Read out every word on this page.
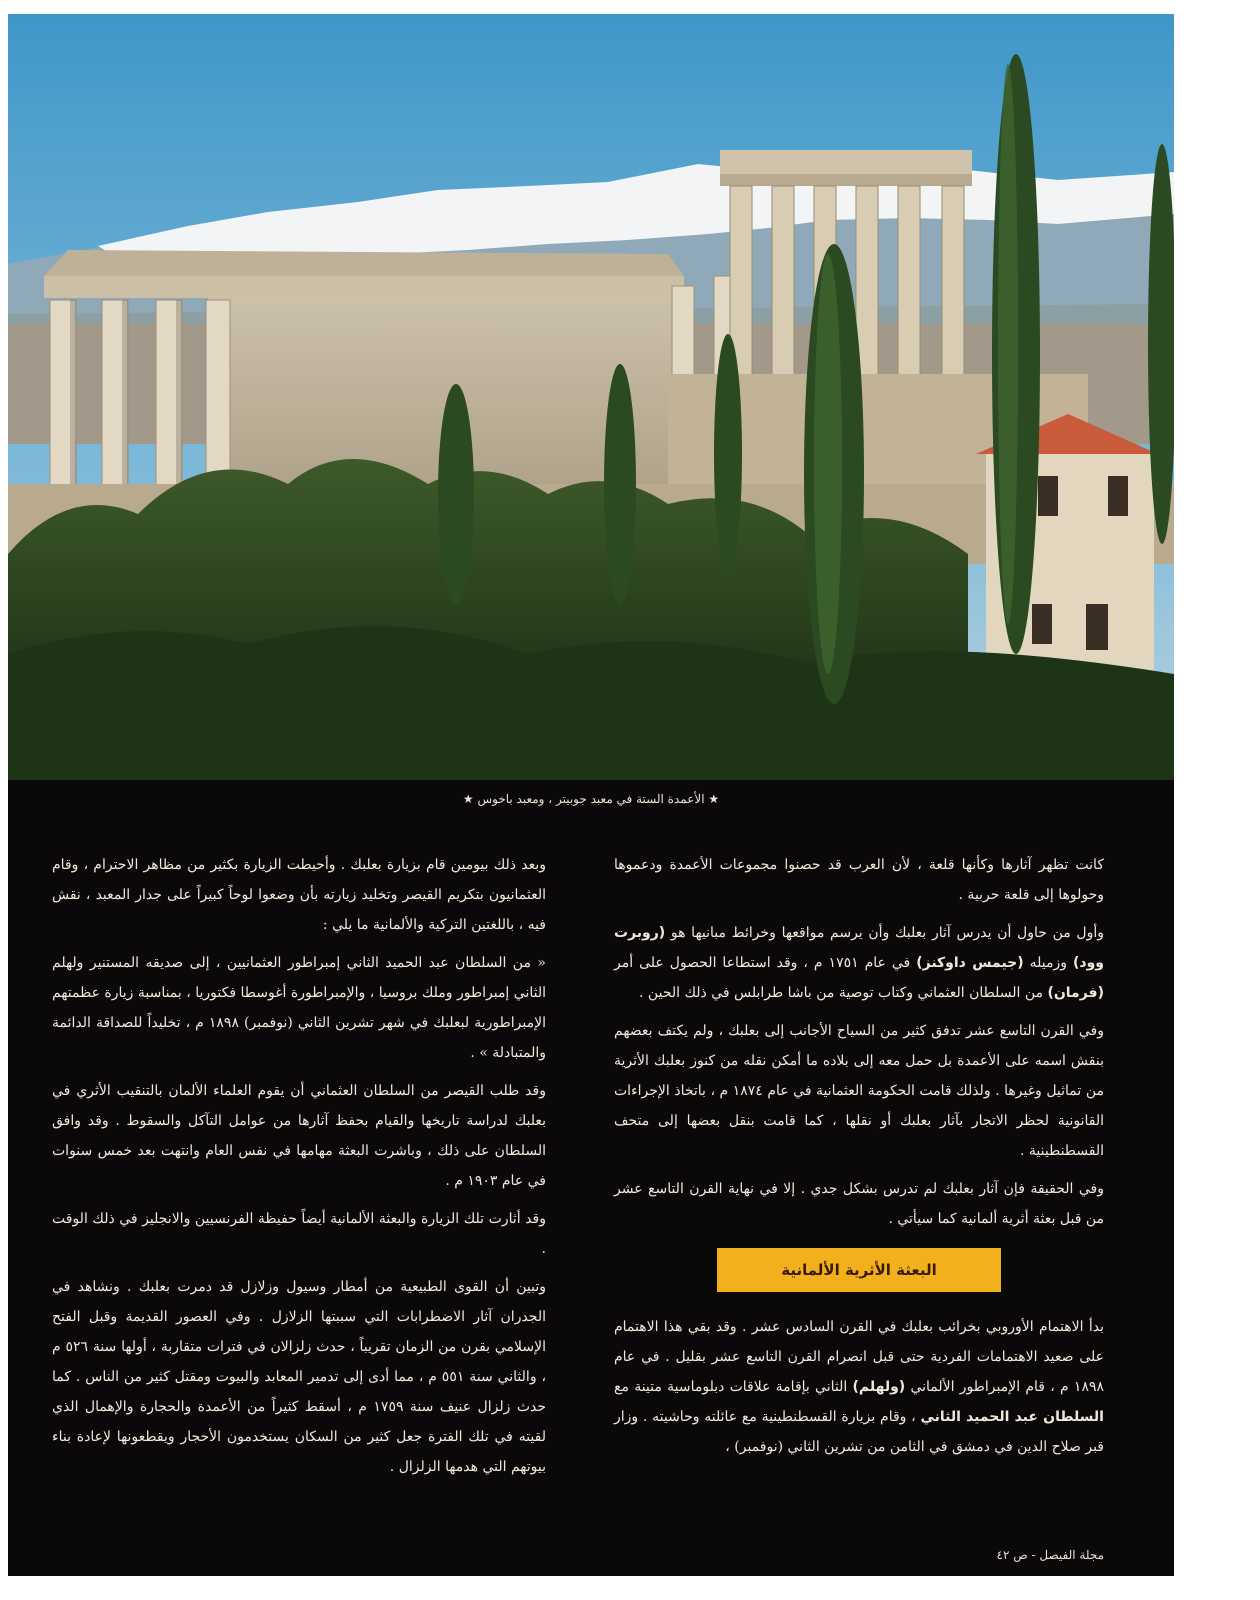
★ الأعمدة الستة في معبد جوبيتر ، ومعبد باخوس ★

كانت تظهر آثارها وكأنها قلعة ، لأن العرب قد حصنوا مجموعات الأعمدة ودعموها وحولوها إلى قلعة حربية .

وأول من حاول أن يدرس آثار بعلبك وأن يرسم مواقعها وخرائط مبانيها هو (روبرت وود) وزميله (جيمس داوكنز) في عام ١٧٥١ م ، وقد استطاعا الحصول على أمر (فرمان) من السلطان العثماني وكتاب توصية من باشا طرابلس في ذلك الحين .

وفي القرن التاسع عشر تدفق كثير من السياح الأجانب إلى بعلبك ، ولم يكتف بعضهم بنقش اسمه على الأعمدة بل حمل معه إلى بلاده ما أمكن نقله من كنوز بعلبك الأثرية من تماثيل وغيرها . ولذلك قامت الحكومة العثمانية في عام ١٨٧٤ م ، باتخاذ الإجراءات القانونية لحظر الاتجار بآثار بعلبك أو نقلها ، كما قامت بنقل بعضها إلى متحف القسطنطينية .

وفي الحقيقة فإن آثار بعلبك لم تدرس بشكل جدي . إلا في نهاية القرن التاسع عشر من قبل بعثة أثرية ألمانية كما سيأتي .

البعثة الأثرية الألمانية

بدأ الاهتمام الأوروبي بخرائب بعلبك في القرن السادس عشر . وقد بقي هذا الاهتمام على صعيد الاهتمامات الفردية حتى قبل انصرام القرن التاسع عشر بقليل . في عام ١٨٩٨ م ، قام الإمبراطور الألماني (ولهلم) الثاني بإقامة علاقات دبلوماسية متينة مع السلطان عبد الحميد الثاني ، وقام بزيارة القسطنطينية مع عائلته وحاشيته . وزار قبر صلاح الدين في دمشق في الثامن من تشرين الثاني (نوفمبر) ،

وبعد ذلك بيومين قام بزيارة بعلبك . وأحيطت الزيارة بكثير من مظاهر الاحترام ، وقام العثمانيون بتكريم القيصر وتخليد زيارته بأن وضعوا لوحاً كبيراً على جدار المعبد ، نقش فيه ، باللغتين التركية والألمانية ما يلي :

« من السلطان عبد الحميد الثاني إمبراطور العثمانيين ، إلى صديقه المستنير ولهلم الثاني إمبراطور وملك بروسيا ، والإمبراطورة أغوسطا فكتوريا ، بمناسبة زيارة عظمتهم الإمبراطورية لبعلبك في شهر تشرين الثاني (نوفمبر) ١٨٩٨ م ، تخليداً للصداقة الدائمة والمتبادلة » .

وقد طلب القيصر من السلطان العثماني أن يقوم العلماء الألمان بالتنقيب الأثري في بعلبك لدراسة تاريخها والقيام بحفظ آثارها من عوامل التآكل والسقوط . وقد وافق السلطان على ذلك ، وباشرت البعثة مهامها في نفس العام وانتهت بعد خمس سنوات في عام ١٩٠٣ م .

وقد أثارت تلك الزيارة والبعثة الألمانية أيضاً حفيظة الفرنسيين والانجليز في ذلك الوقت .

وتبين أن القوى الطبيعية من أمطار وسيول وزلازل قد دمرت بعلبك . ونشاهد في الجدران آثار الاضطرابات التي سببتها الزلازل . وفي العصور القديمة وقبل الفتح الإسلامي بقرن من الزمان تقريباً ، حدث زلزالان في فترات متقاربة ، أولها سنة ٥٢٦ م ، والثاني سنة ٥٥١ م ، مما أدى إلى تدمير المعابد والبيوت ومقتل كثير من الناس . كما حدث زلزال عنيف سنة ١٧٥٩ م ، أسقط كثيراً من الأعمدة والحجارة والإهمال الذي لقيته في تلك الفترة جعل كثير من السكان يستخدمون الأحجار ويقطعونها لإعادة بناء بيوتهم التي هدمها الزلزال .

مجلة الفيصل - ص ٤٢
